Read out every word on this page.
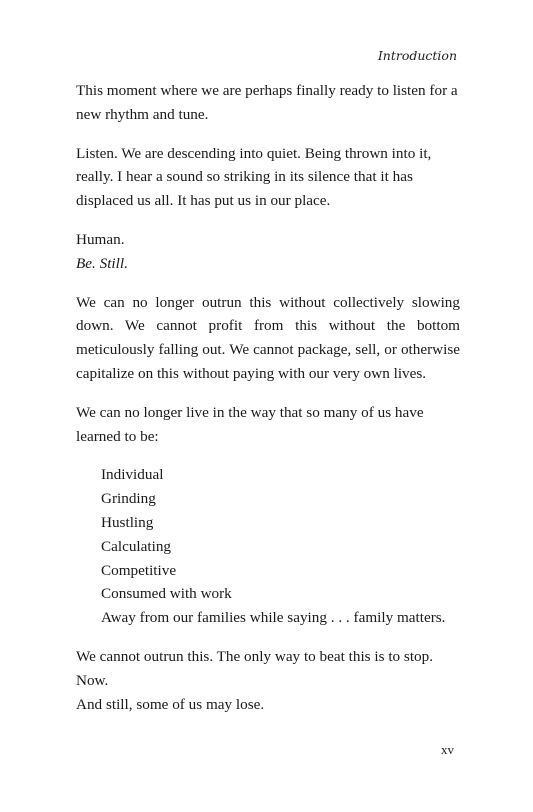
Introduction

This moment where we are perhaps finally ready to listen for a new rhythm and tune.

Listen. We are descending into quiet. Being thrown into it, really. I hear a sound so striking in its silence that it has displaced us all. It has put us in our place.

Human.
Be. Still.

We can no longer outrun this without collectively slowing down. We cannot profit from this without the bottom meticulously falling out. We cannot package, sell, or otherwise capitalize on this without paying with our very own lives.

We can no longer live in the way that so many of us have learned to be:

Individual
Grinding
Hustling
Calculating
Competitive
Consumed with work
Away from our families while saying . . . family matters.

We cannot outrun this. The only way to beat this is to stop. Now.
And still, some of us may lose.

xv
